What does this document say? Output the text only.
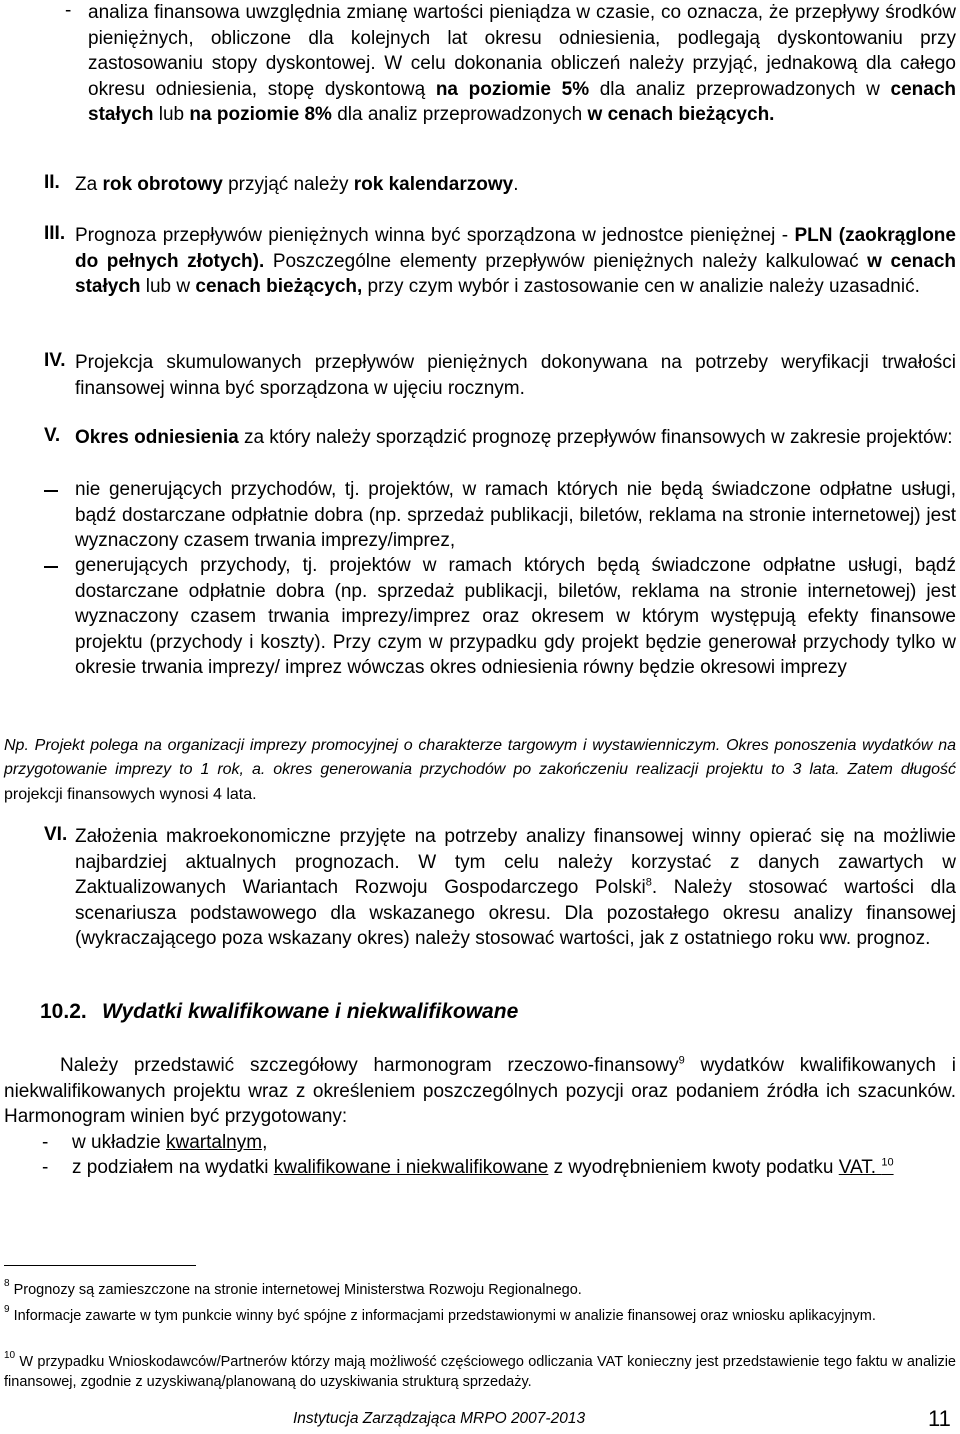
- analiza finansowa uwzględnia zmianę wartości pieniądza w czasie, co oznacza, że przepływy środków pieniężnych, obliczone dla kolejnych lat okresu odniesienia, podlegają dyskontowaniu przy zastosowaniu stopy dyskontowej. W celu dokonania obliczeń należy przyjąć, jednakową dla całego okresu odniesienia, stopę dyskontową na poziomie 5% dla analiz przeprowadzonych w cenach stałych lub na poziomie 8% dla analiz przeprowadzonych w cenach bieżących.
II. Za rok obrotowy przyjąć należy rok kalendarzowy.
III. Prognoza przepływów pieniężnych winna być sporządzona w jednostce pieniężnej - PLN (zaokrąglone do pełnych złotych). Poszczególne elementy przepływów pieniężnych należy kalkulować w cenach stałych lub w cenach bieżących, przy czym wybór i zastosowanie cen w analizie należy uzasadnić.
IV. Projekcja skumulowanych przepływów pieniężnych dokonywana na potrzeby weryfikacji trwałości finansowej winna być sporządzona w ujęciu rocznym.
V. Okres odniesienia za który należy sporządzić prognozę przepływów finansowych w zakresie projektów:
nie generujących przychodów, tj. projektów, w ramach których nie będą świadczone odpłatne usługi, bądź dostarczane odpłatnie dobra (np. sprzedaż publikacji, biletów, reklama na stronie internetowej) jest wyznaczony czasem trwania imprezy/imprez,
generujących przychody, tj. projektów w ramach których będą świadczone odpłatne usługi, bądź dostarczane odpłatnie dobra (np. sprzedaż publikacji, biletów, reklama na stronie internetowej) jest wyznaczony czasem trwania imprezy/imprez oraz okresem w którym występują efekty finansowe projektu (przychody i koszty). Przy czym w przypadku gdy projekt będzie generował przychody tylko w okresie trwania imprezy/ imprez wówczas okres odniesienia równy będzie okresowi imprezy
Np. Projekt polega na organizacji imprezy promocyjnej o charakterze targowym i wystawienniczym. Okres ponoszenia wydatków na przygotowanie imprezy to 1 rok, a. okres generowania przychodów po zakończeniu realizacji projektu to 3 lata. Zatem długość projekcji finansowych wynosi 4 lata.
VI. Założenia makroekonomiczne przyjęte na potrzeby analizy finansowej winny opierać się na możliwie najbardziej aktualnych prognozach. W tym celu należy korzystać z danych zawartych w Zaktualizowanych Wariantach Rozwoju Gospodarczego Polski$^8$. Należy stosować wartości dla scenariusza podstawowego dla wskazanego okresu. Dla pozostałego okresu analizy finansowej (wykraczającego poza wskazany okres) należy stosować wartości, jak z ostatniego roku ww. prognoz.
10.2. Wydatki kwalifikowane i niekwalifikowane
Należy przedstawić szczegółowy harmonogram rzeczowo-finansowy$^9$ wydatków kwalifikowanych i niekwalifikowanych projektu wraz z określeniem poszczególnych pozycji oraz podaniem źródła ich szacunków. Harmonogram winien być przygotowany:
- w układzie kwartalnym,
- z podziałem na wydatki kwalifikowane i niekwalifikowane z wyodrębnieniem kwoty podatku VAT. $^{10}$
$^8$ Prognozy są zamieszczone na stronie internetowej Ministerstwa Rozwoju Regionalnego.
$^9$ Informacje zawarte w tym punkcie winny być spójne z informacjami przedstawionymi w analizie finansowej oraz wniosku aplikacyjnym.
$^{10}$ W przypadku Wnioskodawców/Partnerów którzy mają możliwość częściowego odliczania VAT konieczny jest przedstawienie tego faktu w analizie finansowej, zgodnie z uzyskiwaną/planowaną do uzyskiwania strukturą sprzedaży.
Instytucja Zarządzająca MRPO 2007-2013	11
